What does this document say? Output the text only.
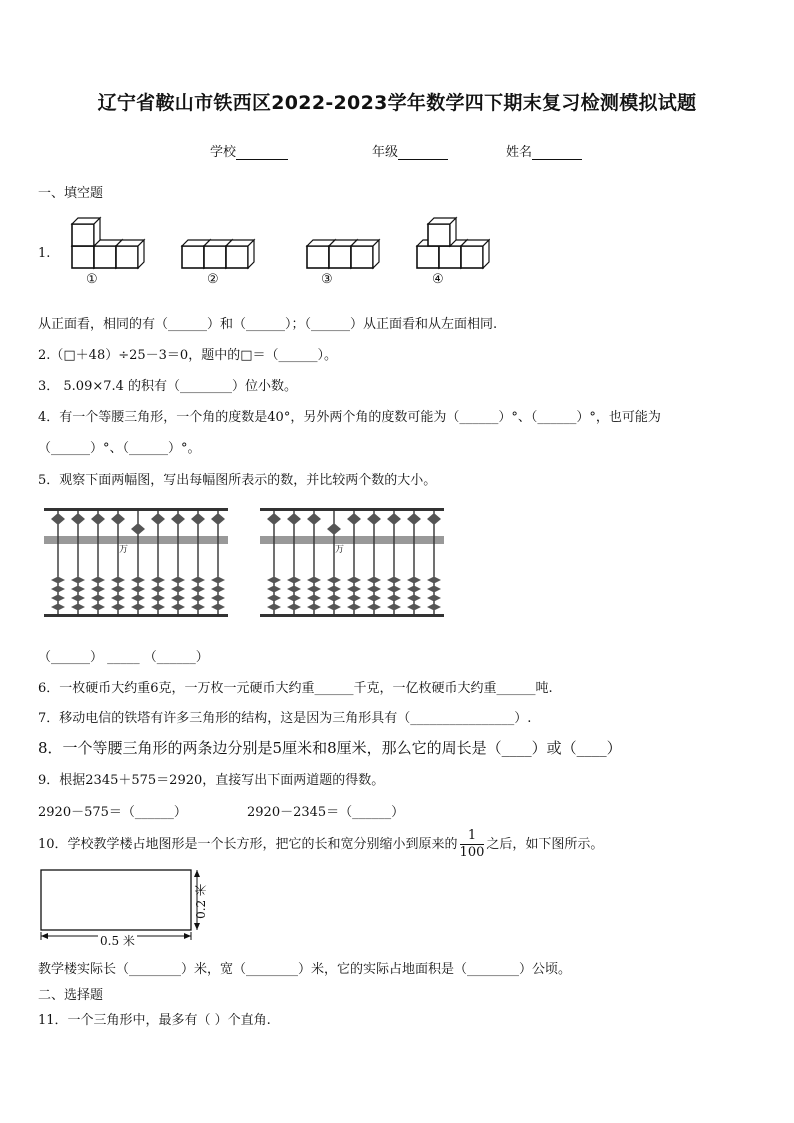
辽宁省鞍山市铁西区2022-2023学年数学四下期末复习检测模拟试题
学校	年级	姓名
一、填空题
1.
①	②	③	④
从正面看，相同的有（______）和（______）；（______）从正面看和从左面相同.
2.（□＋48）÷25－3＝0，题中的□＝（______）。
3． 5.09×7.4 的积有（________）位小数。
4．有一个等腰三角形，一个角的度数是40°，另外两个角的度数可能为（______）°、（______）°，也可能为
（______）°、（______）°。
5．观察下面两幅图，写出每幅图所表示的数，并比较两个数的大小。
万	万
（______） _____ （______）
6．一枚硬币大约重6克，一万枚一元硬币大约重______千克，一亿枚硬币大约重______吨.
7．移动电信的铁塔有许多三角形的结构，这是因为三角形具有（________________）.
8．一个等腰三角形的两条边分别是5厘米和8厘米，那么它的周长是（____）或（____）
9．根据2345＋575＝2920，直接写出下面两道题的得数。
2920－575＝（______）	2920－2345＝（______）
10．学校教学楼占地图形是一个长方形，把它的长和宽分别缩小到原来的 $\frac{1}{100}$ 之后，如下图所示。
0.5 米
0.2 米
教学楼实际长（________）米，宽（________）米，它的实际占地面积是（________）公顷。
二、选择题
11．一个三角形中，最多有（ ）个直角.
